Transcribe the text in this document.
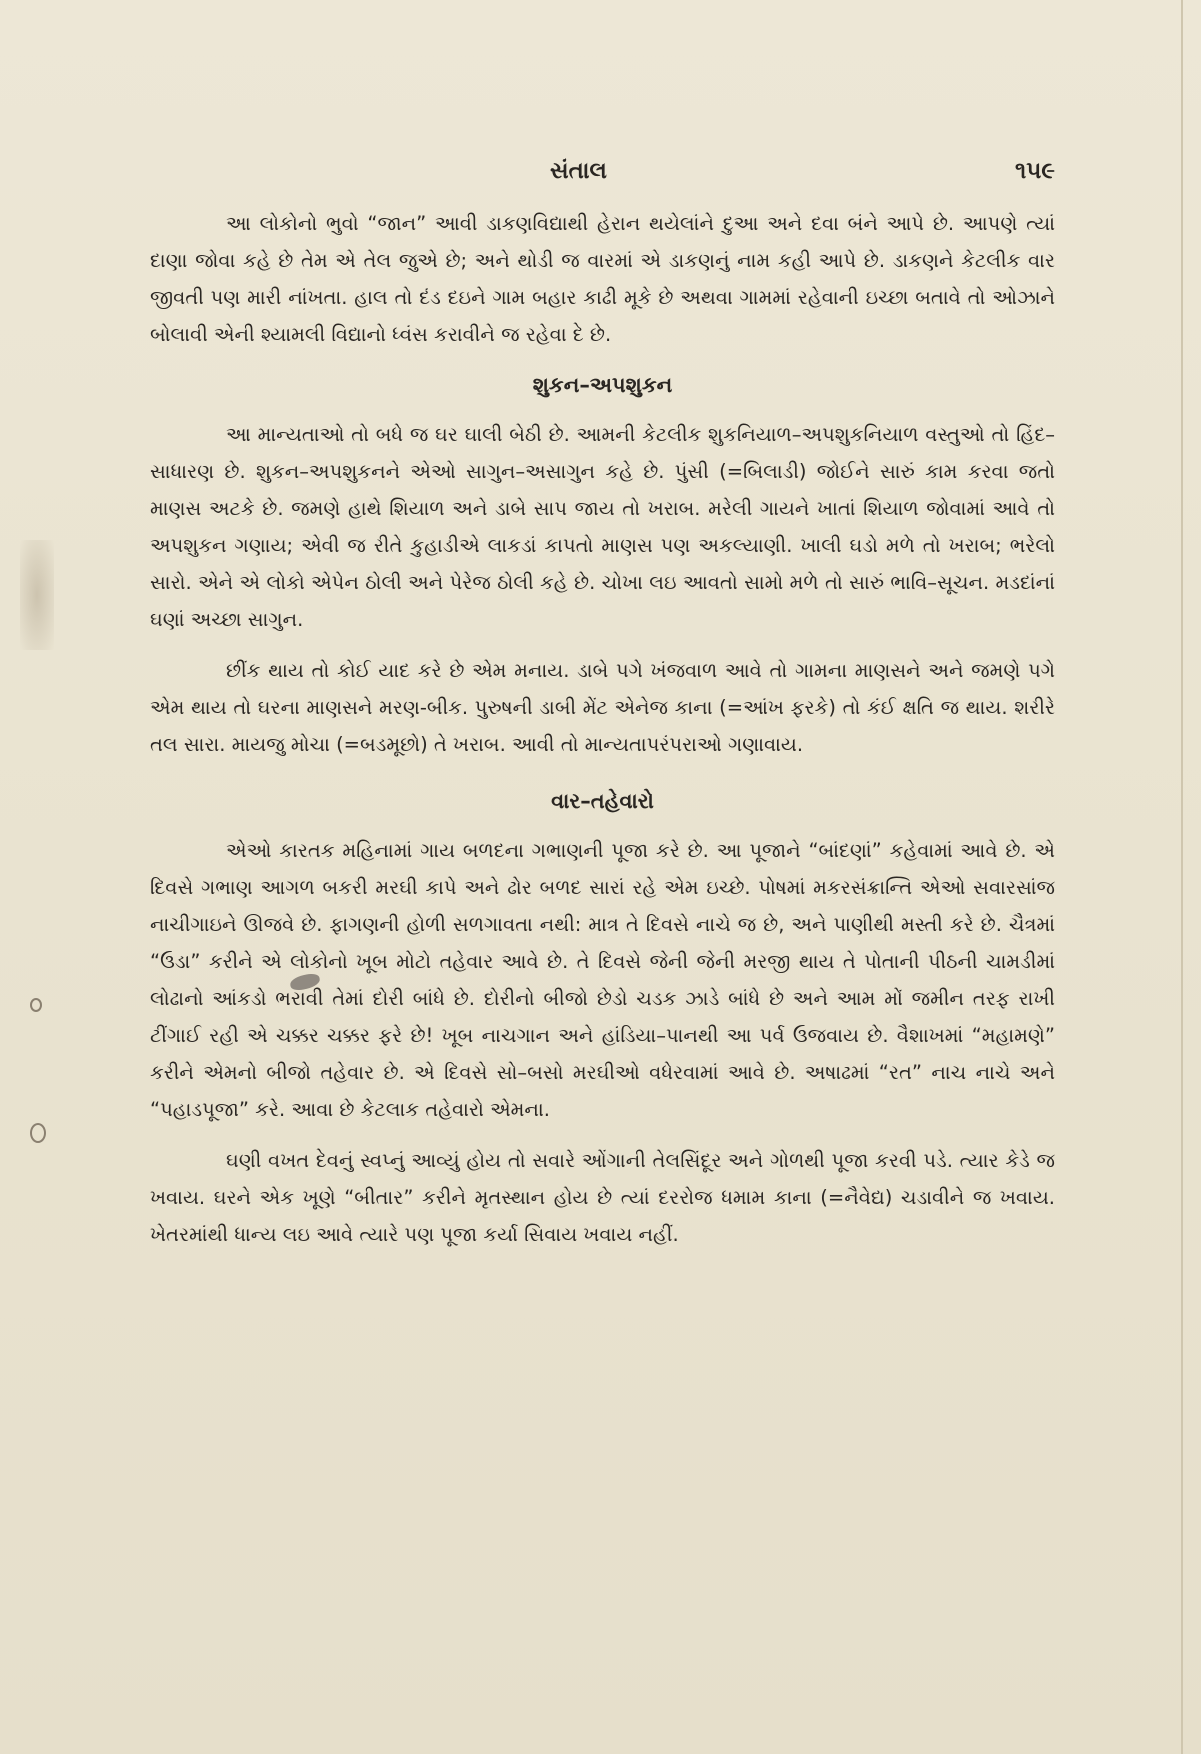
સંતાલ	૧૫૯

આ લોકોનો ભુવો “જાન” આવી ડાકણવિદ્યાથી હેરાન થયેલાંને દુઆ અને દવા બંને આપે છે. આપણે ત્યાં દાણા જોવા કહે છે તેમ એ તેલ જુએ છે; અને થોડી જ વારમાં એ ડાકણનું નામ કહી આપે છે. ડાકણને કેટલીક વાર જીવતી પણ મારી નાંખતા. હાલ તો દંડ દઇને ગામ બહાર કાઢી મૂકે છે અથવા ગામમાં રહેવાની ઇચ્છા બતાવે તો ઓઝાને બોલાવી એની શ્યામલી વિદ્યાનો ધ્વંસ કરાવીને જ રહેવા દે છે.

શુકન–અપશુકન

આ માન્યતાઓ તો બધે જ ઘર ઘાલી બેઠી છે. આમની કેટલીક શુકનિયાળ–અપશુકનિયાળ વસ્તુઓ તો હિંદ–સાધારણ છે. શુકન–અપશુકનને એઓ સાગુન–અસાગુન કહે છે. પુંસી (=બિલાડી) જોઈને સારું કામ કરવા જતો માણસ અટકે છે. જમણે હાથે શિયાળ અને ડાબે સાપ જાય તો ખરાબ. મરેલી ગાયને ખાતાં શિયાળ જોવામાં આવે તો અપશુકન ગણાય; એવી જ રીતે કુહાડીએ લાકડાં કાપતો માણસ પણ અકલ્યાણી. ખાલી ઘડો મળે તો ખરાબ; ભરેલો સારો. એને એ લોકો એપેન ઠોલી અને પેરેજ ઠોલી કહે છે. ચોખા લઇ આવતો સામો મળે તો સારું ભાવિ–સૂચન. મડદાંનાં ઘણાં અચ્છા સાગુન.

છીંક થાય તો કોઈ યાદ કરે છે એમ મનાય. ડાબે પગે ખંજવાળ આવે તો ગામના માણસને અને જમણે પગે એમ થાય તો ઘરના માણસને મરણ-બીક. પુરુષની ડાબી મેંટ એનેજ કાના (=આંખ ફરકે) તો કંઈ ક્ષતિ જ થાય. શરીરે તલ સારા. માયજુ મોચા (=બડમૂછો) તે ખરાબ. આવી તો માન્યતાપરંપરાઓ ગણાવાય.

વાર–તહેવારો

એઓ કારતક મહિનામાં ગાય બળદના ગભાણની પૂજા કરે છે. આ પૂજાને “બાંદણાં” કહેવામાં આવે છે. એ દિવસે ગભાણ આગળ બકરી મરઘી કાપે અને ઢોર બળદ સારાં રહે એમ ઇચ્છે. પોષમાં મકરસંક્રાન્તિ એઓ સવારસાંજ નાચીગાઇને ઊજવે છે. ફાગણની હોળી સળગાવતા નથી: માત્ર તે દિવસે નાચે જ છે, અને પાણીથી મસ્તી કરે છે. ચૈત્રમાં “ઉડા” કરીને એ લોકોનો ખૂબ મોટો તહેવાર આવે છે. તે દિવસે જેની જેની મરજી થાય તે પોતાની પીઠની ચામડીમાં લોઢાનો આંકડો ભરાવી તેમાં દોરી બાંધે છે. દોરીનો બીજો છેડો ચડક ઝાડે બાંધે છે અને આમ મોં જમીન તરફ રાખી ટીંગાઈ રહી એ ચક્કર ચક્કર ફરે છે! ખૂબ નાચગાન અને હાંડિયા–પાનથી આ પર્વ ઉજવાય છે. વૈશાખમાં “મહામણે” કરીને એમનો બીજો તહેવાર છે. એ દિવસે સો–બસો મરઘીઓ વધેરવામાં આવે છે. અષાઢમાં “રત” નાચ નાચે અને “પહાડપૂજા” કરે. આવા છે કેટલાક તહેવારો એમના.

ઘણી વખત દેવનું સ્વપ્નું આવ્યું હોય તો સવારે ઓંગાની તેલસિંદૂર અને ગોળથી પૂજા કરવી પડે. ત્યાર કેડે જ ખવાય. ઘરને એક ખૂણે “બીતાર” કરીને મૃતસ્થાન હોય છે ત્યાં દરરોજ ધમામ કાના (=નૈવેદ્ય) ચડાવીને જ ખવાય. ખેતરમાંથી ધાન્ય લઇ આવે ત્યારે પણ પૂજા કર્યા સિવાય ખવાય નહીં.
